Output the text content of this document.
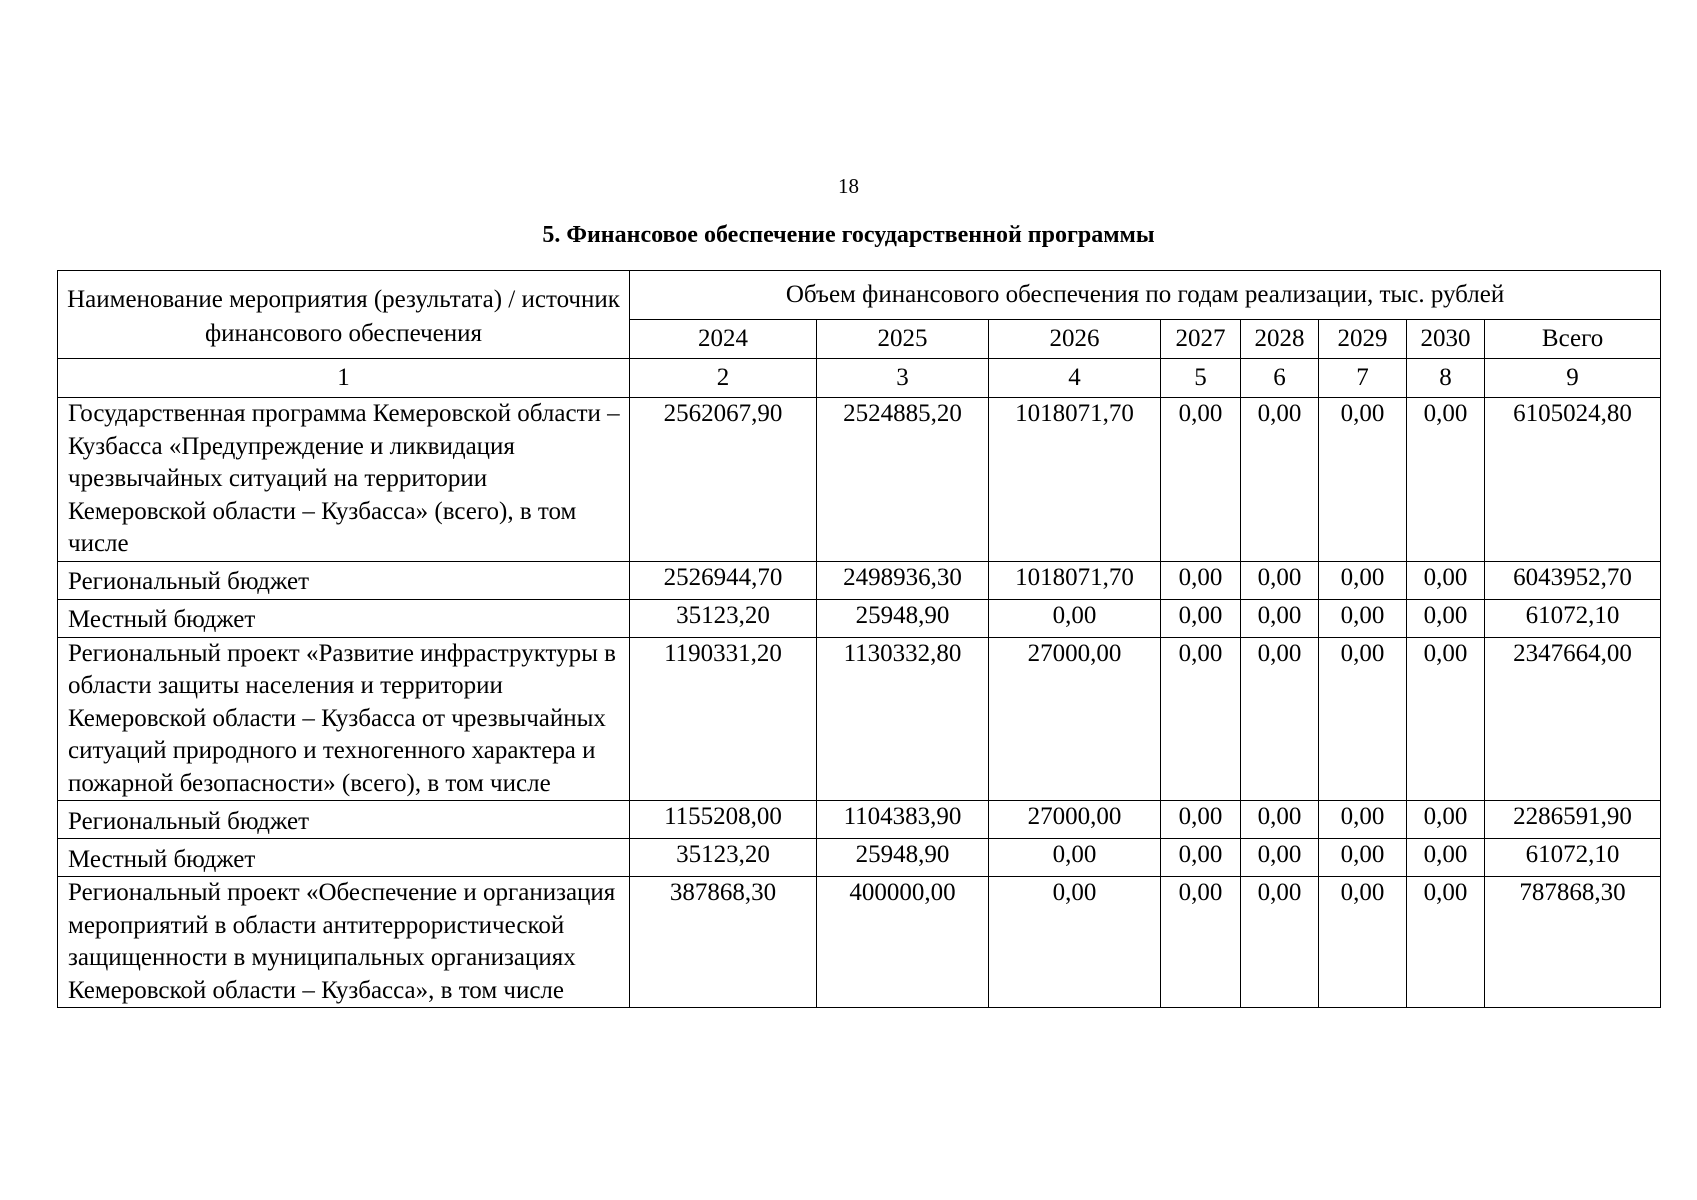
18
5. Финансовое обеспечение государственной программы
Наименование мероприятия (результата) / источник финансового обеспечения	Объем финансового обеспечения по годам реализации, тыс. рублей							
	2024	2025	2026	2027	2028	2029	2030	Всего
1	2	3	4	5	6	7	8	9
Государственная программа Кемеровской области – Кузбасса «Предупреждение и ликвидация чрезвычайных ситуаций на территории Кемеровской области – Кузбасса» (всего), в том числе	2562067,90	2524885,20	1018071,70	0,00	0,00	0,00	0,00	6105024,80
Региональный бюджет	2526944,70	2498936,30	1018071,70	0,00	0,00	0,00	0,00	6043952,70
Местный бюджет	35123,20	25948,90	0,00	0,00	0,00	0,00	0,00	61072,10
Региональный проект «Развитие инфраструктуры в области защиты населения и территории Кемеровской области – Кузбасса от чрезвычайных ситуаций природного и техногенного характера и пожарной безопасности» (всего), в том числе	1190331,20	1130332,80	27000,00	0,00	0,00	0,00	0,00	2347664,00
Региональный бюджет	1155208,00	1104383,90	27000,00	0,00	0,00	0,00	0,00	2286591,90
Местный бюджет	35123,20	25948,90	0,00	0,00	0,00	0,00	0,00	61072,10
Региональный проект «Обеспечение и организация мероприятий в области антитеррористической защищенности в муниципальных организациях Кемеровской области – Кузбасса», в том числе	387868,30	400000,00	0,00	0,00	0,00	0,00	0,00	787868,30
